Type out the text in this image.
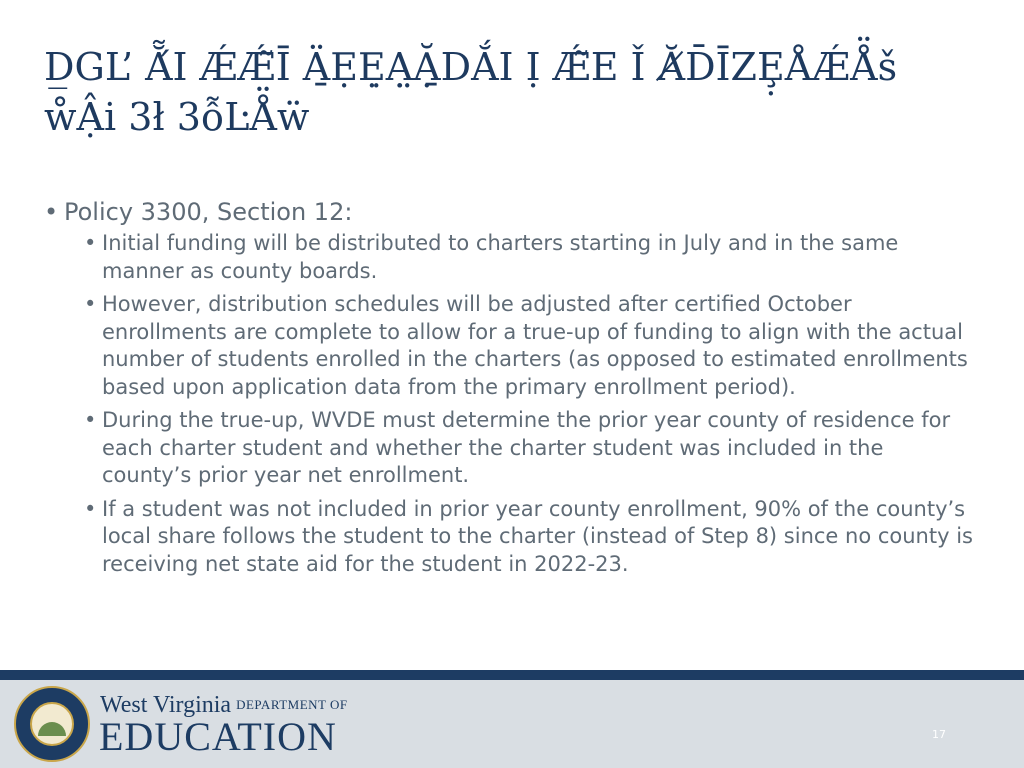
D̲GL’ Ẵ́I ǼǼ̃Ī Ä̱ẸẸ̣Ạ̤Ặ̱DẮI Ị Ǽ̃E Ǐ Ă̸D̄ĪZȨ̣ÅǼÅ̈š
ẘẬi 3ł 3ỗĿÅ̈ẅ

• Policy 3300, Section 12:

• Initial funding will be distributed to charters starting in July and in the same manner as county boards.
• However, distribution schedules will be adjusted after certified October enrollments are complete to allow for a true-up of funding to align with the actual number of students enrolled in the charters (as opposed to estimated enrollments based upon application data from the primary enrollment period).
• During the true-up, WVDE must determine the prior year county of residence for each charter student and whether the charter student was included in the county’s prior year net enrollment.
• If a student was not included in prior year county enrollment, 90% of the county’s local share follows the student to the charter (instead of Step 8) since no county is receiving net state aid for the student in 2022-23.
West Virginia DEPARTMENT OF
EDUCATION	17
